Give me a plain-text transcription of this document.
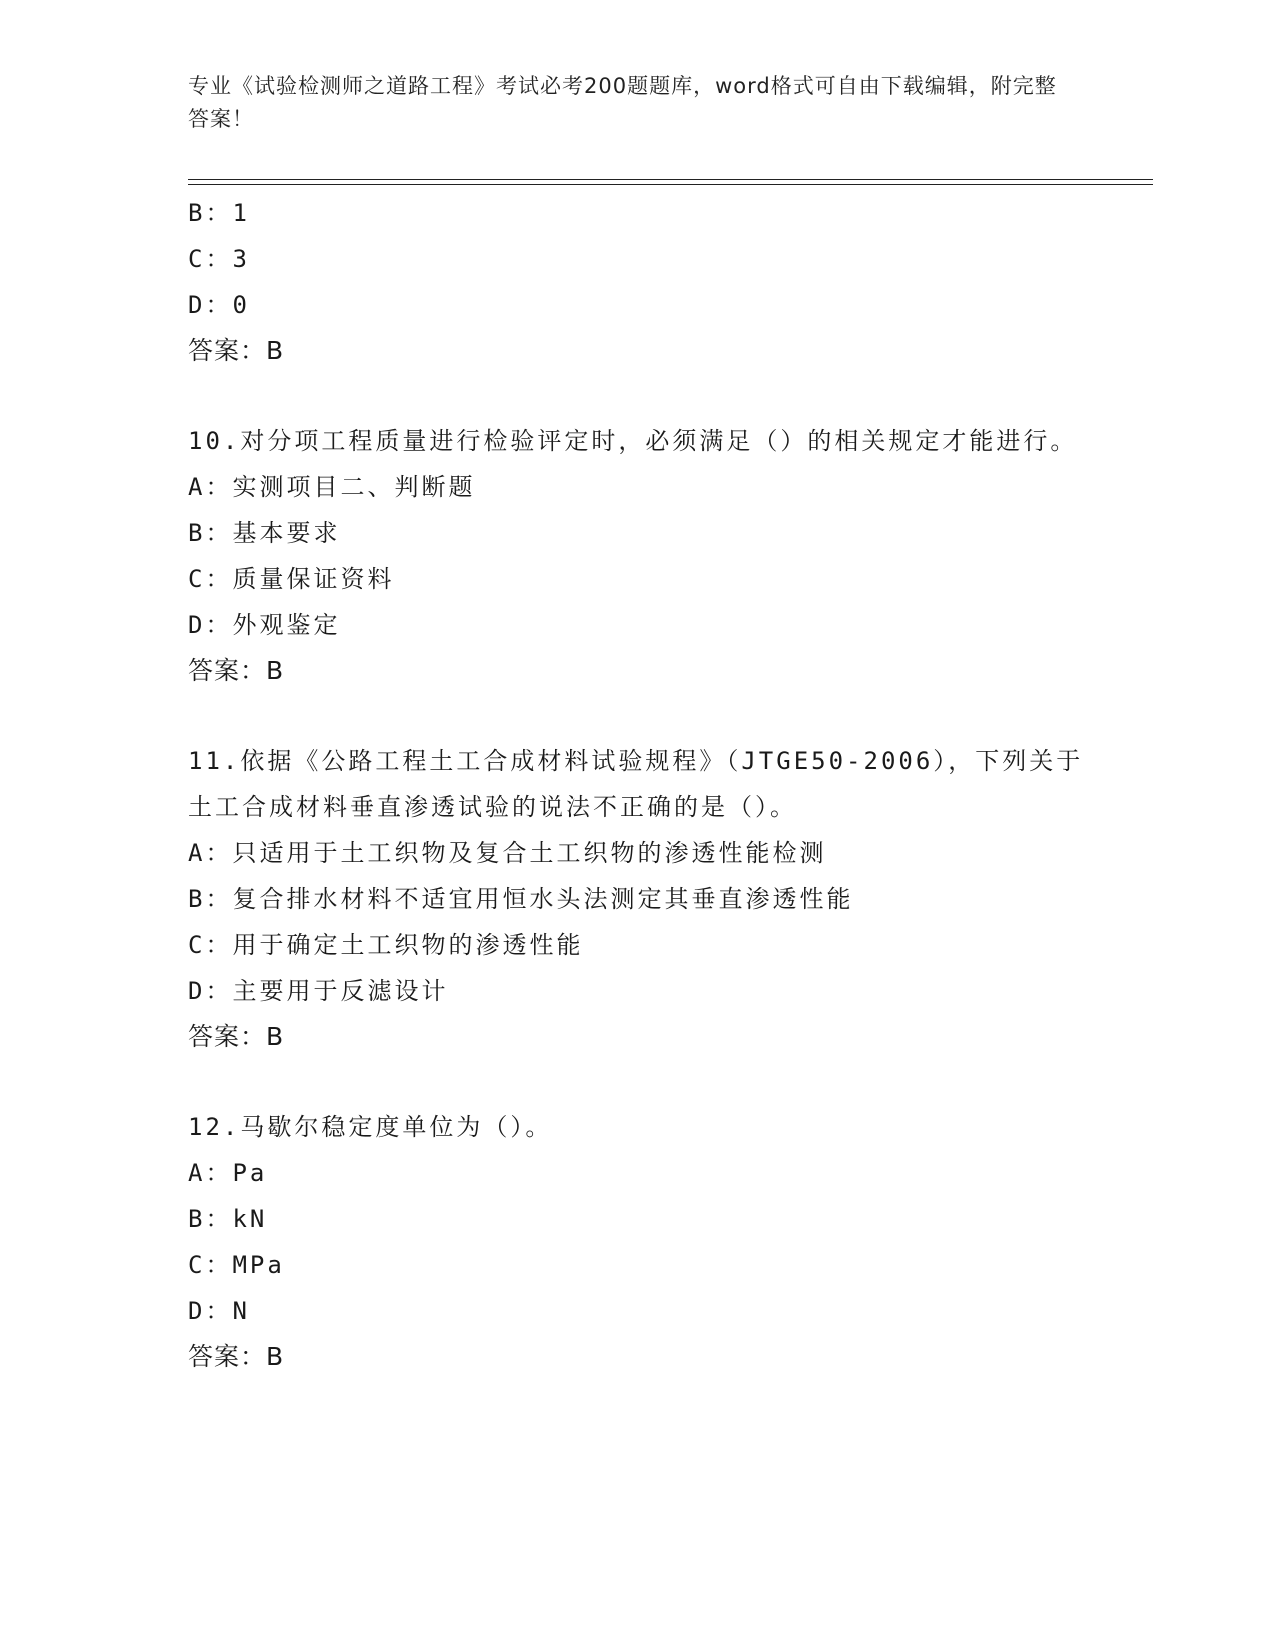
专业《试验检测师之道路工程》考试必考200题题库，word格式可自由下载编辑，附完整答案！
B：1
C：3
D：0
答案：B
10.对分项工程质量进行检验评定时，必须满足（）的相关规定才能进行。
A：实测项目二、判断题
B：基本要求
C：质量保证资料
D：外观鉴定
答案：B
11.依据《公路工程土工合成材料试验规程》（JTGE50-2006），下列关于土工合成材料垂直渗透试验的说法不正确的是（）。
A：只适用于土工织物及复合土工织物的渗透性能检测
B：复合排水材料不适宜用恒水头法测定其垂直渗透性能
C：用于确定土工织物的渗透性能
D：主要用于反滤设计
答案：B
12.马歇尔稳定度单位为（）。
A：Pa
B：kN
C：MPa
D：N
答案：B
